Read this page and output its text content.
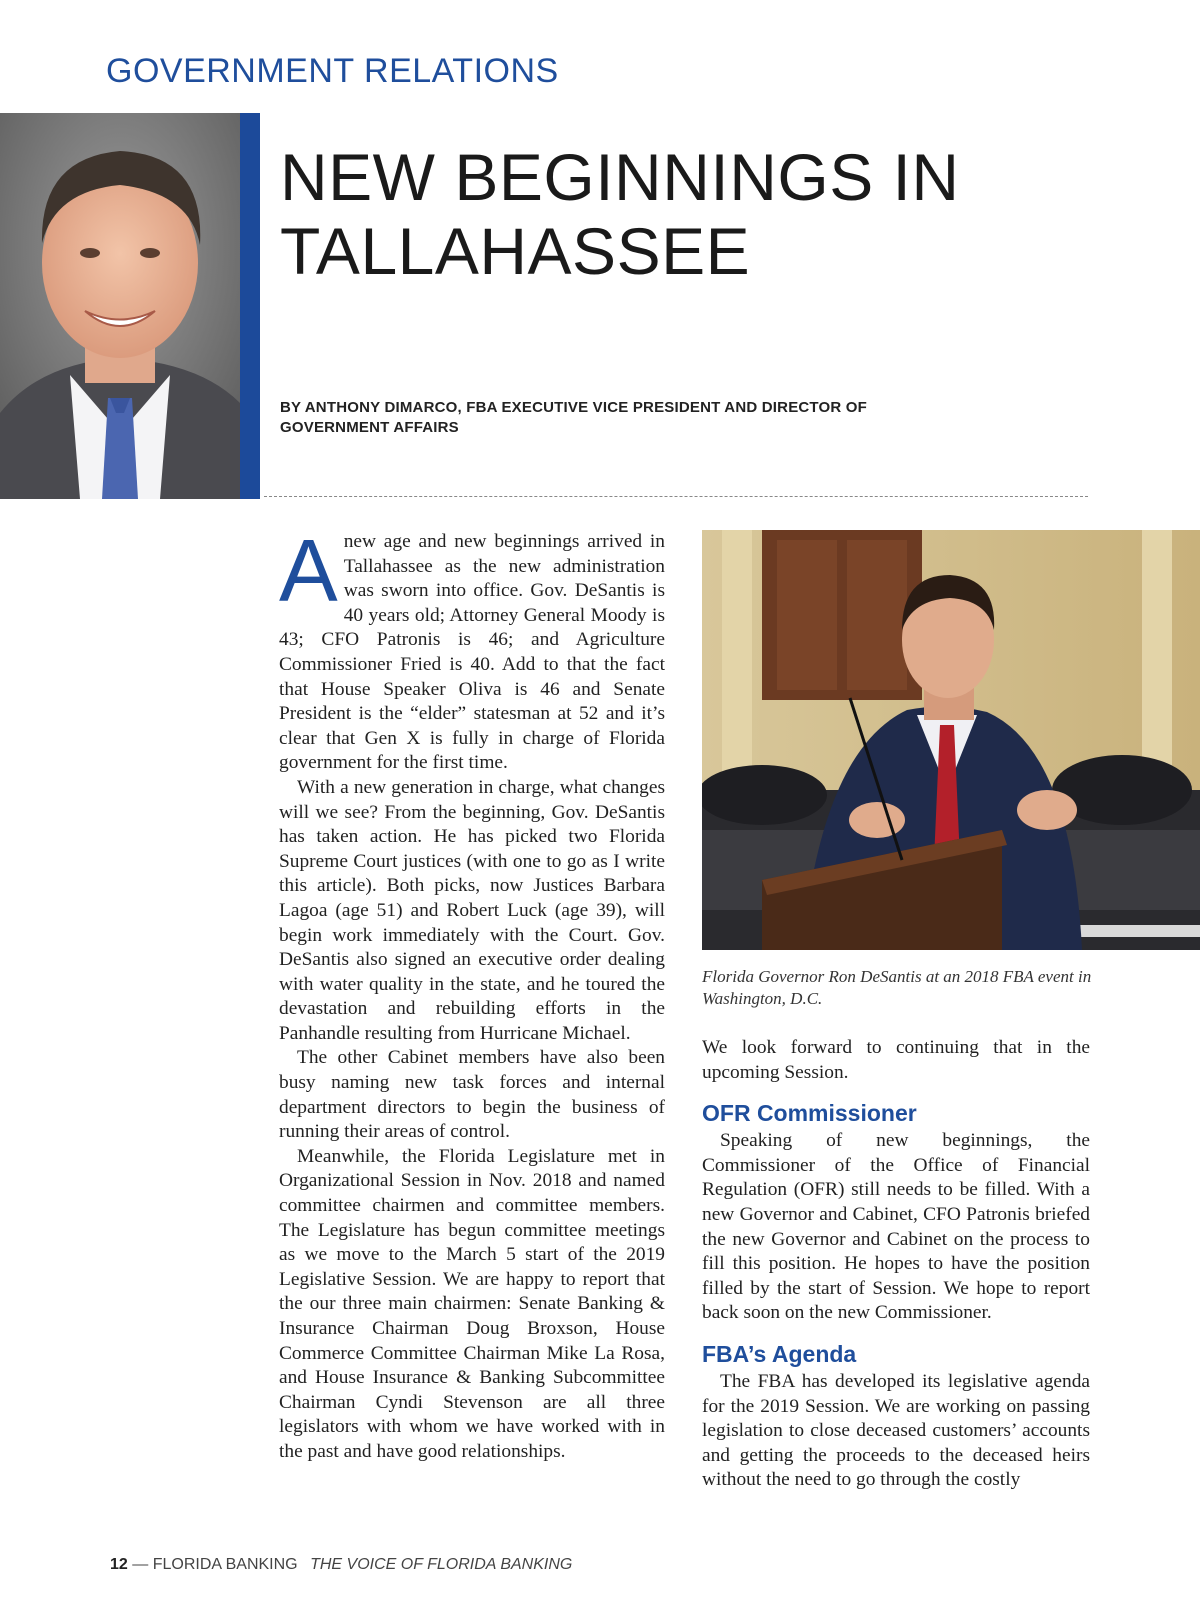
GOVERNMENT RELATIONS
NEW BEGINNINGS IN
TALLAHASSEE
BY ANTHONY DIMARCO, FBA EXECUTIVE VICE PRESIDENT AND DIRECTOR OF
GOVERNMENT AFFAIRS

Anew age and new beginnings arrived in Tallahassee as the new administration was sworn into office. Gov. DeSantis is 40 years old; Attorney General Moody is 43; CFO Patronis is 46; and Agriculture Commissioner Fried is 40. Add to that the fact that House Speaker Oliva is 46 and Senate President is the “elder” statesman at 52 and it’s clear that Gen X is fully in charge of Florida government for the first time.

With a new generation in charge, what changes will we see? From the beginning, Gov. DeSantis has taken action. He has picked two Florida Supreme Court justices (with one to go as I write this article). Both picks, now Justices Barbara Lagoa (age 51) and Robert Luck (age 39), will begin work immediately with the Court. Gov. DeSantis also signed an executive order dealing with water quality in the state, and he toured the devastation and rebuilding efforts in the Panhandle resulting from Hurricane Michael.

The other Cabinet members have also been busy naming new task forces and internal department directors to begin the business of running their areas of control.

Meanwhile, the Florida Legislature met in Organizational Session in Nov. 2018 and named committee chairmen and committee members. The Legislature has begun committee meetings as we move to the March 5 start of the 2019 Legislative Session. We are happy to report that the our three main chairmen: Senate Banking & Insurance Chairman Doug Broxson, House Commerce Committee Chairman Mike La Rosa, and House Insurance & Banking Subcommittee Chairman Cyndi Stevenson are all three legislators with whom we have worked with in the past and have good relationships.

Florida Governor Ron DeSantis at an 2018 FBA event in Washington, D.C.

We look forward to continuing that in the upcoming Session.

OFR Commissioner

Speaking of new beginnings, the Commissioner of the Office of Financial Regulation (OFR) still needs to be filled. With a new Governor and Cabinet, CFO Patronis briefed the new Governor and Cabinet on the process to fill this position. He hopes to have the position filled by the start of Session. We hope to report back soon on the new Commissioner.

FBA’s Agenda

The FBA has developed its legislative agenda for the 2019 Session. We are working on passing legislation to close deceased customers’ accounts and getting the proceeds to the deceased heirs without the need to go through the costly

12 — FLORIDA BANKING THE VOICE OF FLORIDA BANKING
